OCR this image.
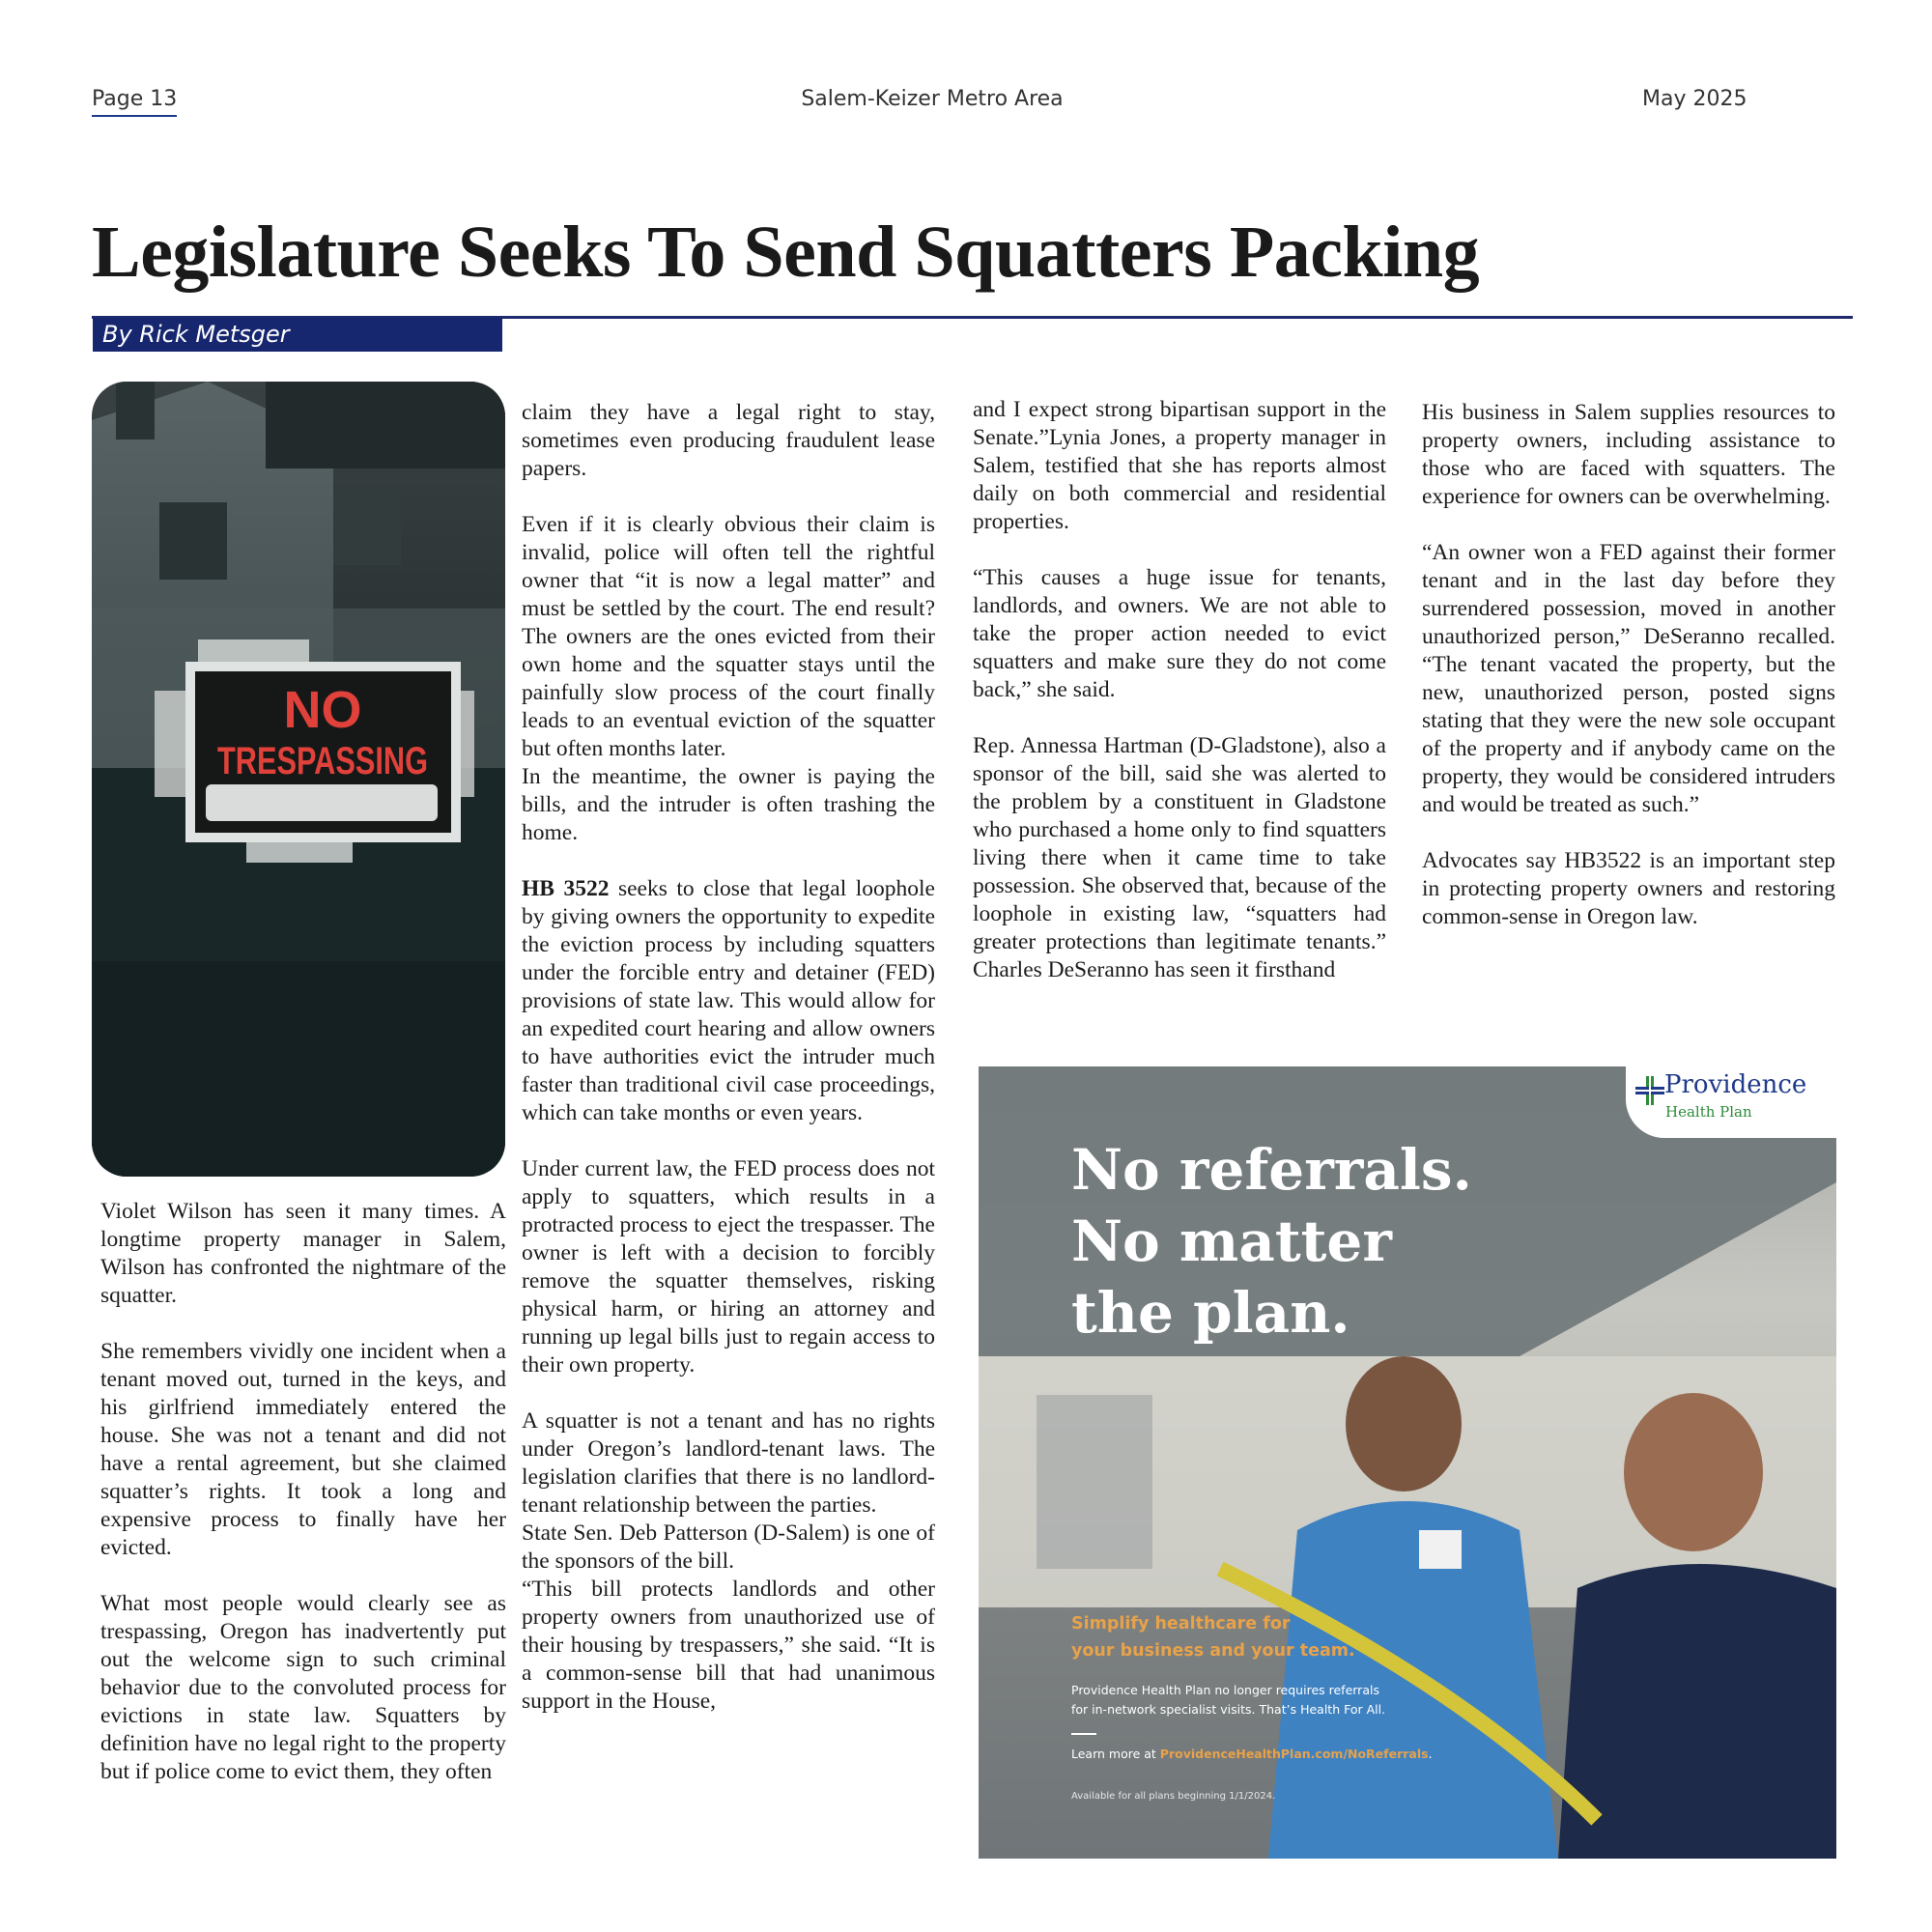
Page 13	Salem-Keizer Metro Area	May 2025
Legislature Seeks To Send Squatters Packing
By Rick Metsger
NO
TRESPASSING

Violet Wilson has seen it many times. A longtime property manager in Salem, Wilson has confronted the nightmare of the squatter.

She remembers vividly one incident when a tenant moved out, turned in the keys, and his girlfriend immediately entered the house. She was not a tenant and did not have a rental agreement, but she claimed squatter’s rights. It took a long and expensive process to finally have her evicted.

What most people would clearly see as trespassing, Oregon has inadvertently put out the welcome sign to such criminal behavior due to the convoluted process for evictions in state law. Squatters by definition have no legal right to the property but if police come to evict them, they often

claim they have a legal right to stay, sometimes even producing fraudulent lease papers.

Even if it is clearly obvious their claim is invalid, police will often tell the rightful owner that “it is now a legal matter” and must be settled by the court. The end result? The owners are the ones evicted from their own home and the squatter stays until the painfully slow process of the court finally leads to an eventual eviction of the squatter but often months later.

In the meantime, the owner is paying the bills, and the intruder is often trashing the home.

HB 3522 seeks to close that legal loophole by giving owners the opportunity to expedite the eviction process by including squatters under the forcible entry and detainer (FED) provisions of state law. This would allow for an expedited court hearing and allow owners to have authorities evict the intruder much faster than traditional civil case proceedings, which can take months or even years.

Under current law, the FED process does not apply to squatters, which results in a protracted process to eject the trespasser. The owner is left with a decision to forcibly remove the squatter themselves, risking physical harm, or hiring an attorney and running up legal bills just to regain access to their own property.

A squatter is not a tenant and has no rights under Oregon’s landlord-tenant laws. The legislation clarifies that there is no landlord-tenant relationship between the parties.

State Sen. Deb Patterson (D-Salem) is one of the sponsors of the bill.

“This bill protects landlords and other property owners from unauthorized use of their housing by trespassers,” she said. “It is a common-sense bill that had unanimous support in the House,

and I expect strong bipartisan support in the Senate.”Lynia Jones, a property manager in Salem, testified that she has reports almost daily on both commercial and residential properties.

“This causes a huge issue for tenants, landlords, and owners. We are not able to take the proper action needed to evict squatters and make sure they do not come back,” she said.

Rep. Annessa Hartman (D-Gladstone), also a sponsor of the bill, said she was alerted to the problem by a constituent in Gladstone who purchased a home only to find squatters living there when it came time to take possession. She observed that, because of the loophole in existing law, “squatters had greater protections than legitimate tenants.” Charles DeSeranno has seen it firsthand

His business in Salem supplies resources to property owners, including assistance to those who are faced with squatters. The experience for owners can be overwhelming.

“An owner won a FED against their former tenant and in the last day before they surrendered possession, moved in another unauthorized person,” DeSeranno recalled. “The tenant vacated the property, but the new, unauthorized person, posted signs stating that they were the new sole occupant of the property and if anybody came on the property, they would be considered intruders and would be treated as such.”

Advocates say HB3522 is an important step in protecting property owners and restoring common-sense in Oregon law.

Providence
Health Plan
No referrals.
No matter
the plan.
Simplify healthcare for
your business and your team.
Providence Health Plan no longer requires referrals for in-network specialist visits. That’s Health For All.
Learn more at ProvidenceHealthPlan.com/NoReferrals.
Available for all plans beginning 1/1/2024.
